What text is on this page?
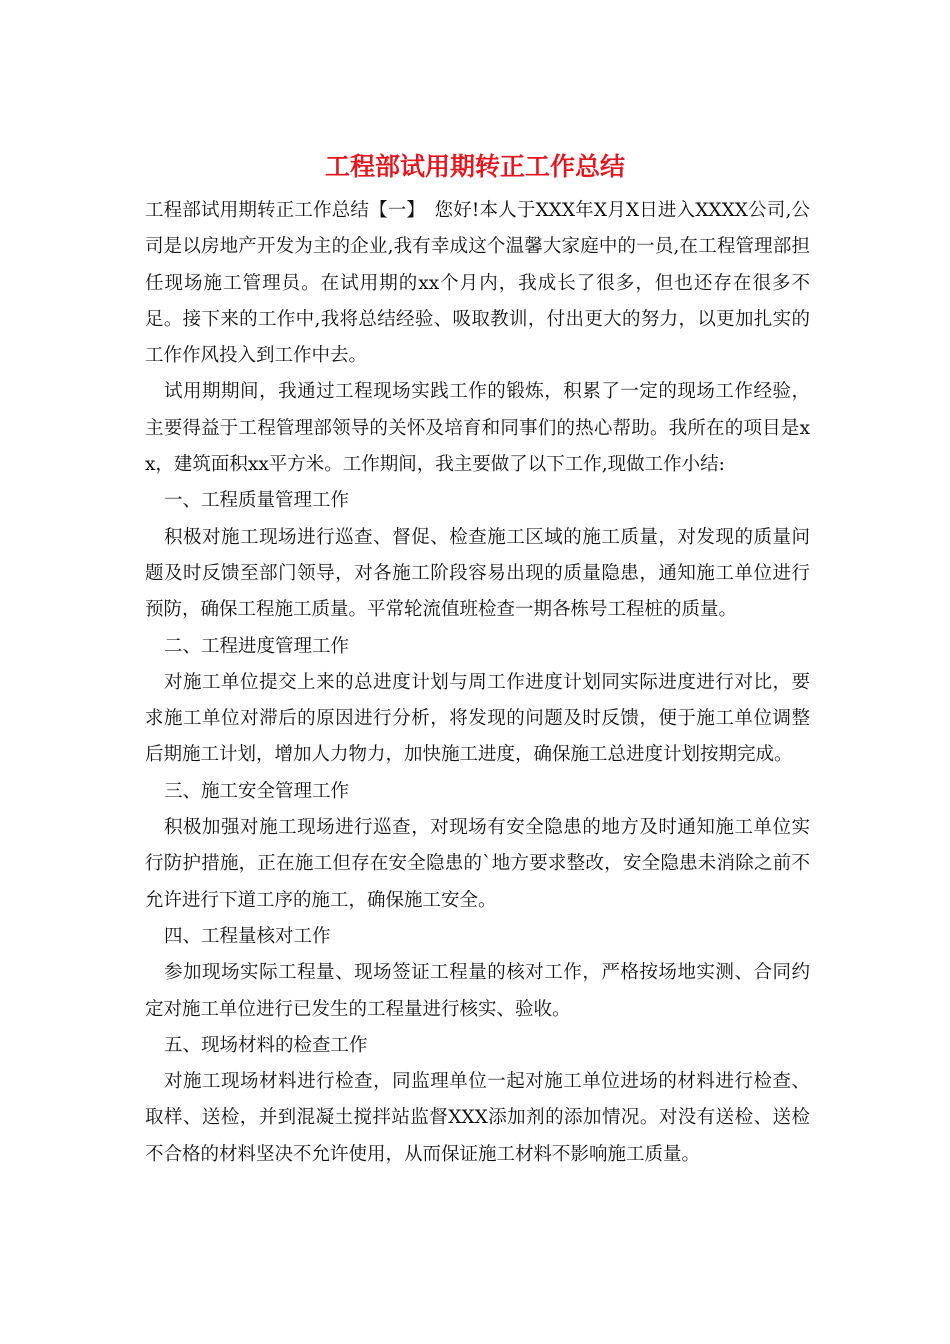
工程部试用期转正工作总结

工程部试用期转正工作总结【一】　您好!本人于XXX年X月X日进入XXXX公司,公司是以房地产开发为主的企业,我有幸成这个温馨大家庭中的一员,在工程管理部担任现场施工管理员。在试用期的xx个月内，我成长了很多，但也还存在很多不足。接下来的工作中,我将总结经验、吸取教训，付出更大的努力，以更加扎实的工作作风投入到工作中去。

试用期期间，我通过工程现场实践工作的锻炼，积累了一定的现场工作经验，主要得益于工程管理部领导的关怀及培育和同事们的热心帮助。我所在的项目是xx，建筑面积xx平方米。工作期间，我主要做了以下工作,现做工作小结:

一、工程质量管理工作

积极对施工现场进行巡查、督促、检查施工区域的施工质量，对发现的质量问题及时反馈至部门领导，对各施工阶段容易出现的质量隐患，通知施工单位进行预防，确保工程施工质量。平常轮流值班检查一期各栋号工程桩的质量。

二、工程进度管理工作

对施工单位提交上来的总进度计划与周工作进度计划同实际进度进行对比，要求施工单位对滞后的原因进行分析，将发现的问题及时反馈，便于施工单位调整后期施工计划，增加人力物力，加快施工进度，确保施工总进度计划按期完成。

三、施工安全管理工作

积极加强对施工现场进行巡查，对现场有安全隐患的地方及时通知施工单位实行防护措施，正在施工但存在安全隐患的`地方要求整改，安全隐患未消除之前不允许进行下道工序的施工，确保施工安全。

四、工程量核对工作

参加现场实际工程量、现场签证工程量的核对工作，严格按场地实测、合同约定对施工单位进行已发生的工程量进行核实、验收。

五、现场材料的检查工作

对施工现场材料进行检查，同监理单位一起对施工单位进场的材料进行检查、取样、送检，并到混凝土搅拌站监督XXX添加剂的添加情况。对没有送检、送检不合格的材料坚决不允许使用，从而保证施工材料不影响施工质量。
